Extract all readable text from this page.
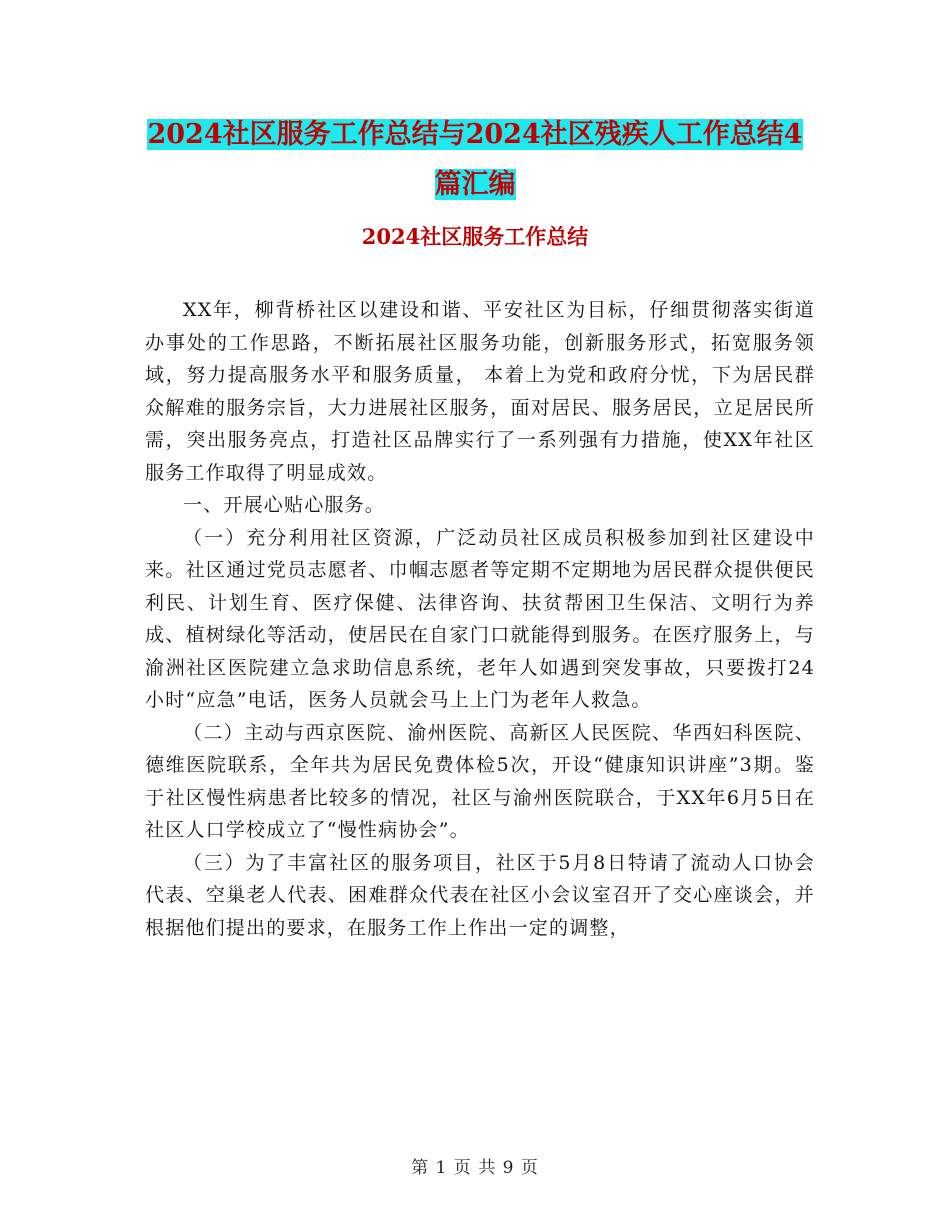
2024社区服务工作总结与2024社区残疾人工作总结4篇汇编
2024社区服务工作总结

XX年，柳背桥社区以建设和谐、平安社区为目标，仔细贯彻落实街道办事处的工作思路，不断拓展社区服务功能，创新服务形式，拓宽服务领域，努力提高服务水平和服务质量， 本着上为党和政府分忧，下为居民群众解难的服务宗旨，大力进展社区服务，面对居民、服务居民，立足居民所需，突出服务亮点，打造社区品牌实行了一系列强有力措施，使XX年社区服务工作取得了明显成效。

一、开展心贴心服务。

（一）充分利用社区资源，广泛动员社区成员积极参加到社区建设中来。社区通过党员志愿者、巾帼志愿者等定期不定期地为居民群众提供便民利民、计划生育、医疗保健、法律咨询、扶贫帮困卫生保洁、文明行为养成、植树绿化等活动，使居民在自家门口就能得到服务。在医疗服务上，与渝洲社区医院建立急求助信息系统，老年人如遇到突发事故，只要拨打24小时“应急”电话，医务人员就会马上上门为老年人救急。

（二）主动与西京医院、渝州医院、高新区人民医院、华西妇科医院、德维医院联系，全年共为居民免费体检5次，开设“健康知识讲座”3期。鉴于社区慢性病患者比较多的情况，社区与渝州医院联合，于XX年6月5日在社区人口学校成立了“慢性病协会”。

（三）为了丰富社区的服务项目，社区于5月8日特请了流动人口协会代表、空巢老人代表、困难群众代表在社区小会议室召开了交心座谈会，并根据他们提出的要求，在服务工作上作出一定的调整，

第 1 页 共 9 页
